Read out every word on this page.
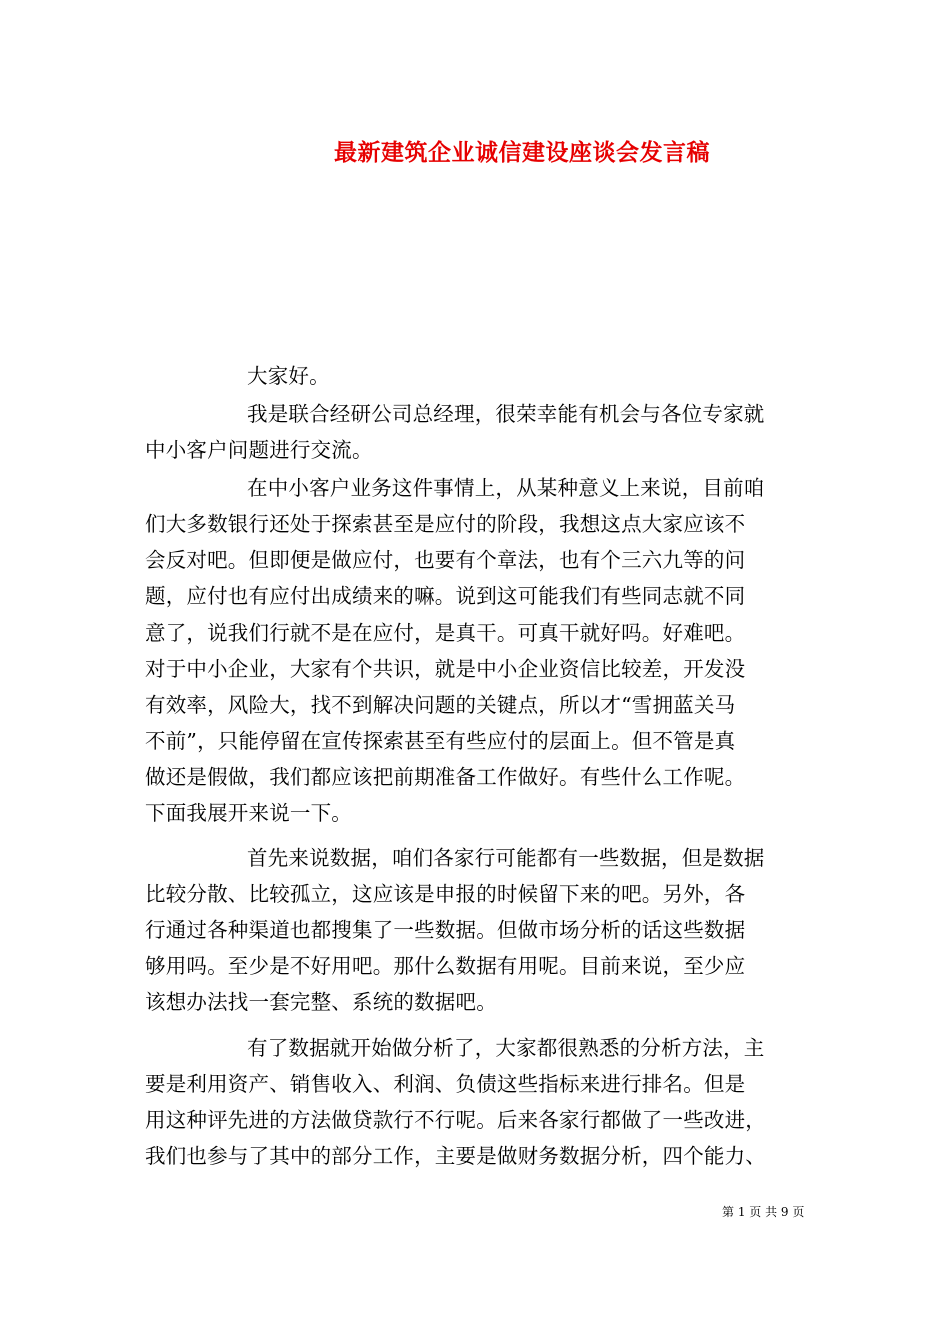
最新建筑企业诚信建设座谈会发言稿
大家好。
我是联合经研公司总经理，很荣幸能有机会与各位专家就
中小客户问题进行交流。
在中小客户业务这件事情上，从某种意义上来说，目前咱
们大多数银行还处于探索甚至是应付的阶段，我想这点大家应该不
会反对吧。但即便是做应付，也要有个章法，也有个三六九等的问
题，应付也有应付出成绩来的嘛。说到这可能我们有些同志就不同
意了，说我们行就不是在应付，是真干。可真干就好吗。好难吧。
对于中小企业，大家有个共识，就是中小企业资信比较差，开发没
有效率，风险大，找不到解决问题的关键点，所以才“雪拥蓝关马
不前”，只能停留在宣传探索甚至有些应付的层面上。但不管是真
做还是假做，我们都应该把前期准备工作做好。有些什么工作呢。
下面我展开来说一下。
首先来说数据，咱们各家行可能都有一些数据，但是数据
比较分散、比较孤立，这应该是申报的时候留下来的吧。另外，各
行通过各种渠道也都搜集了一些数据。但做市场分析的话这些数据
够用吗。至少是不好用吧。那什么数据有用呢。目前来说，至少应
该想办法找一套完整、系统的数据吧。
有了数据就开始做分析了，大家都很熟悉的分析方法，主
要是利用资产、销售收入、利润、负债这些指标来进行排名。但是
用这种评先进的方法做贷款行不行呢。后来各家行都做了一些改进，
我们也参与了其中的部分工作，主要是做财务数据分析，四个能力、
第 1 页 共 9 页
